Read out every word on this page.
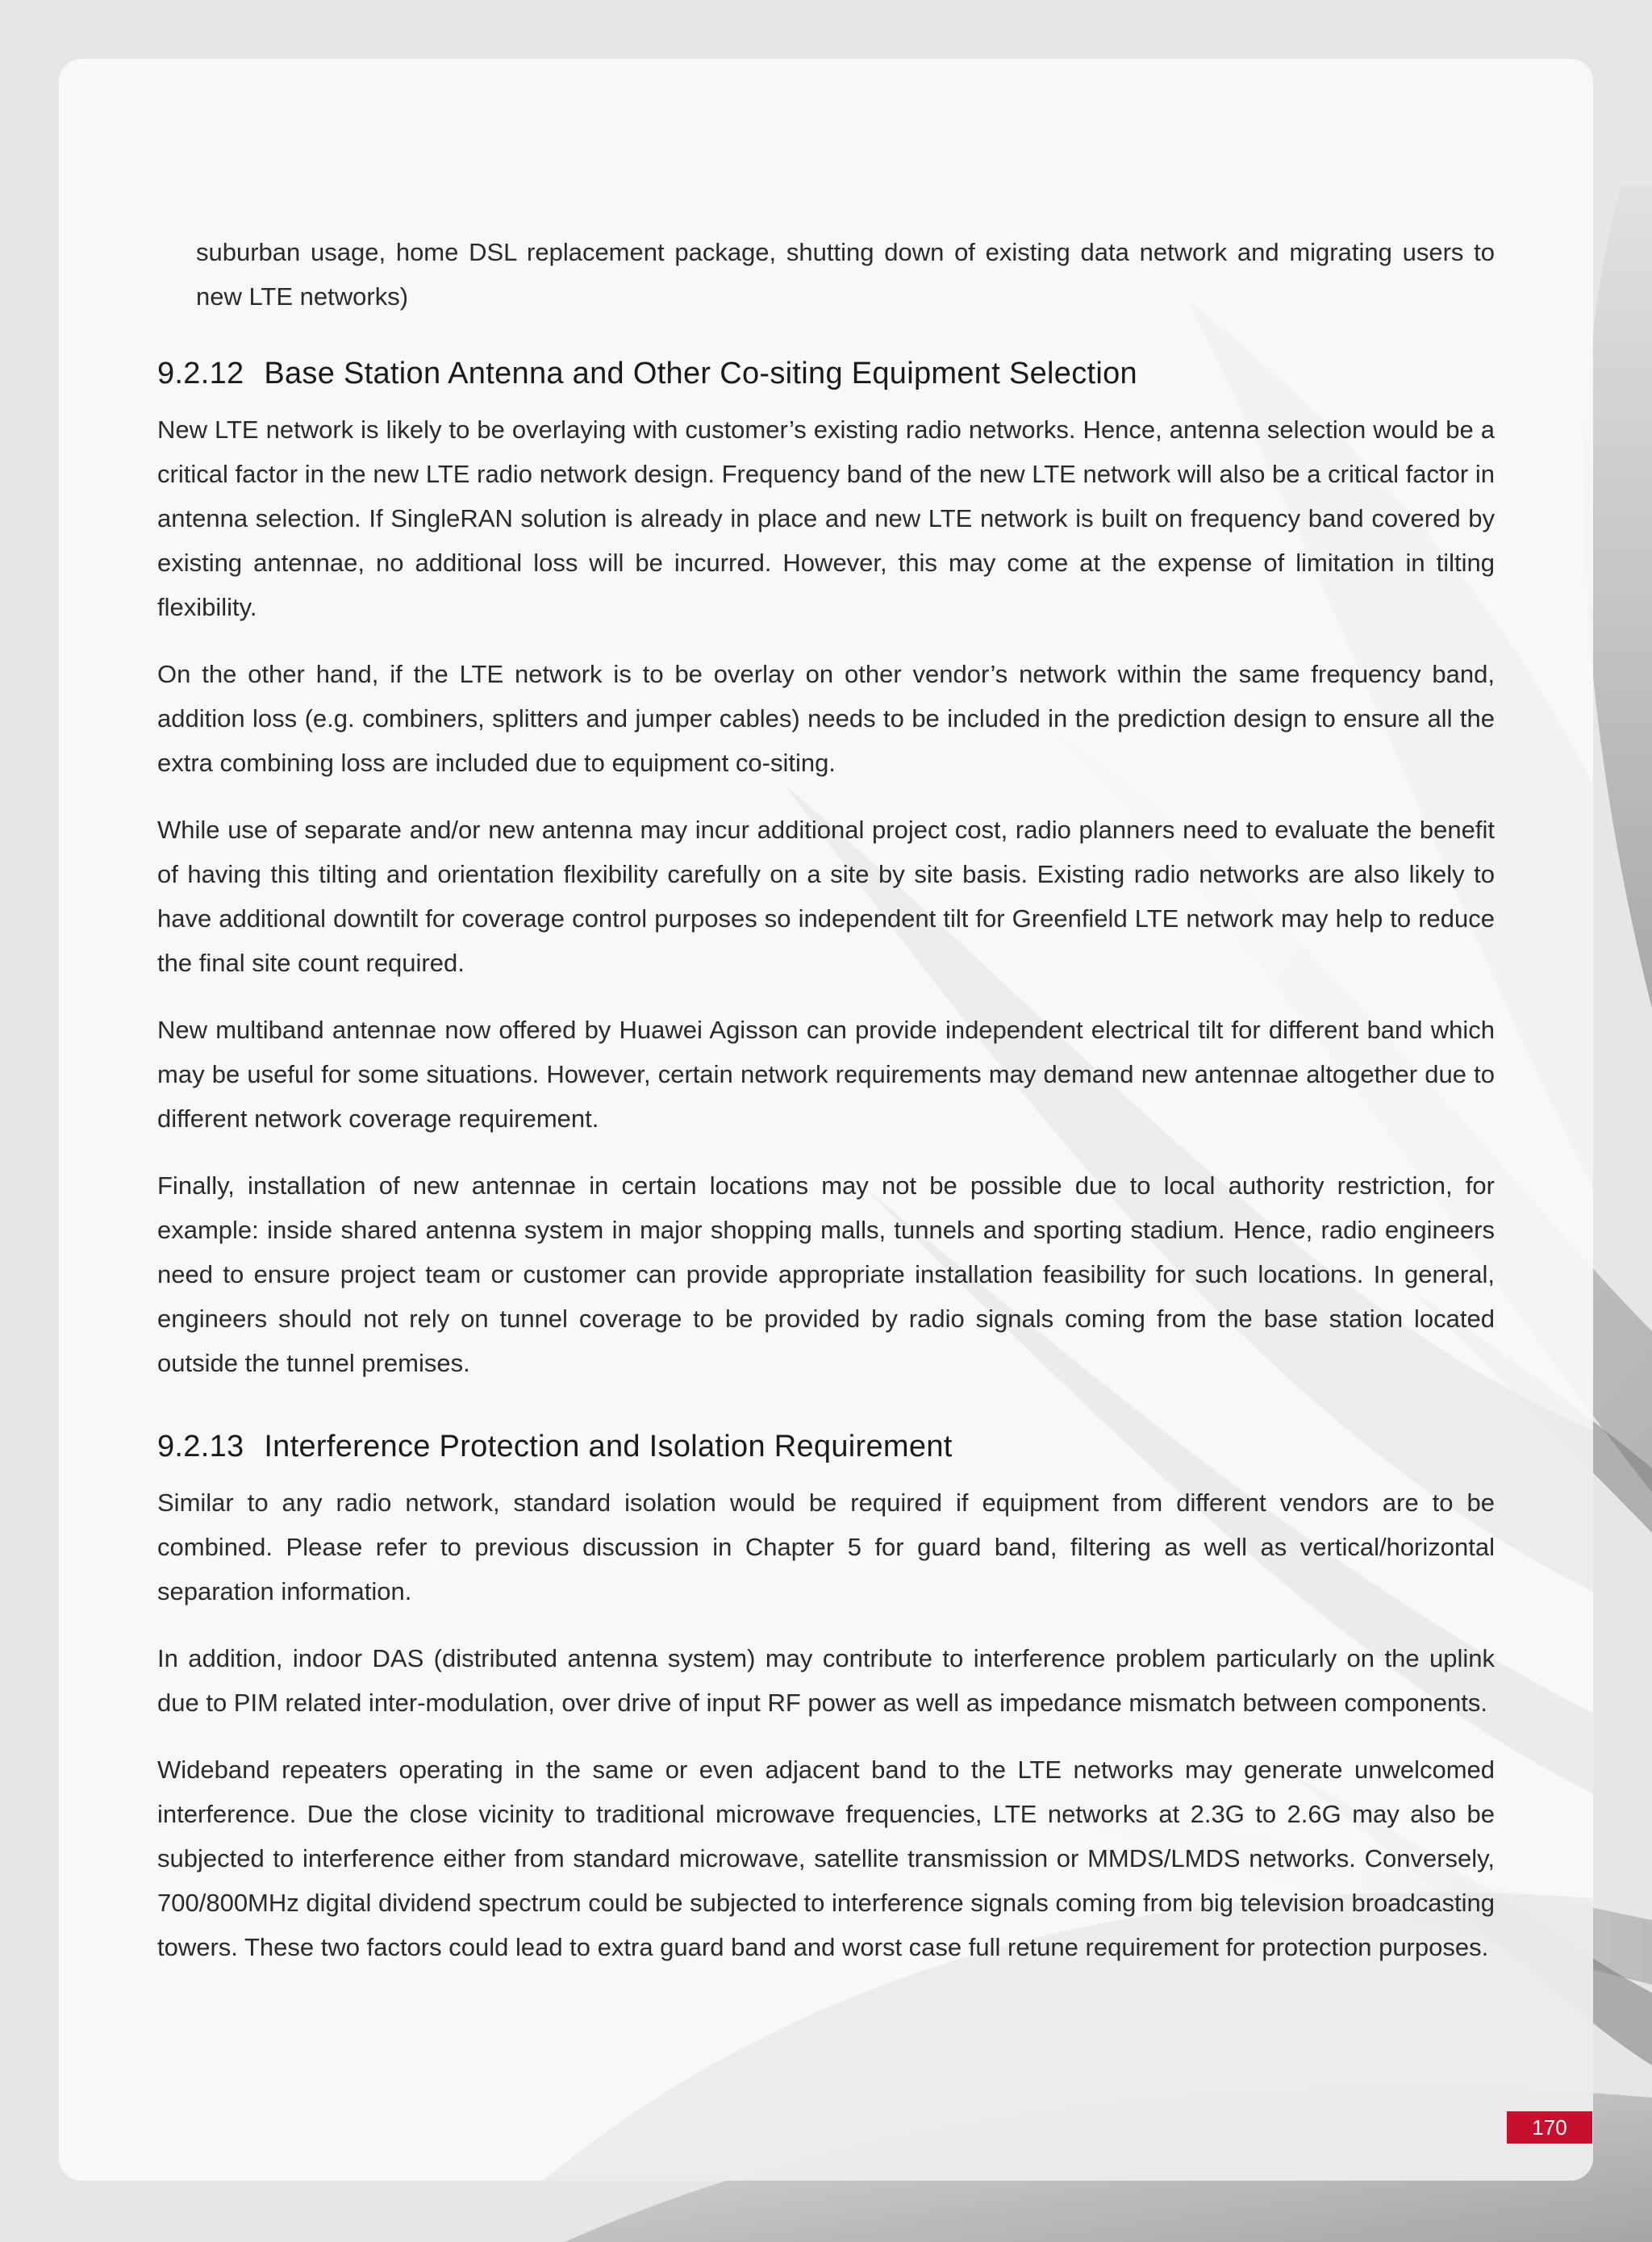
suburban usage, home DSL replacement package, shutting down of existing data network and migrating users to new LTE networks)

9.2.12 Base Station Antenna and Other Co-siting Equipment Selection

New LTE network is likely to be overlaying with customer’s existing radio networks. Hence, antenna selection would be a critical factor in the new LTE radio network design. Frequency band of the new LTE network will also be a critical factor in antenna selection. If SingleRAN solution is already in place and new LTE network is built on frequency band covered by existing antennae, no additional loss will be incurred. However, this may come at the expense of limitation in tilting flexibility.

On the other hand, if the LTE network is to be overlay on other vendor’s network within the same frequency band, addition loss (e.g. combiners, splitters and jumper cables) needs to be included in the prediction design to ensure all the extra combining loss are included due to equipment co-siting.

While use of separate and/or new antenna may incur additional project cost, radio planners need to evaluate the benefit of having this tilting and orientation flexibility carefully on a site by site basis. Existing radio networks are also likely to have additional downtilt for coverage control purposes so independent tilt for Greenfield LTE network may help to reduce the final site count required.

New multiband antennae now offered by Huawei Agisson can provide independent electrical tilt for different band which may be useful for some situations. However, certain network requirements may demand new antennae altogether due to different network coverage requirement.

Finally, installation of new antennae in certain locations may not be possible due to local authority restriction, for example: inside shared antenna system in major shopping malls, tunnels and sporting stadium. Hence, radio engineers need to ensure project team or customer can provide appropriate installation feasibility for such locations. In general, engineers should not rely on tunnel coverage to be provided by radio signals coming from the base station located outside the tunnel premises.

9.2.13 Interference Protection and Isolation Requirement

Similar to any radio network, standard isolation would be required if equipment from different vendors are to be combined. Please refer to previous discussion in Chapter 5 for guard band, filtering as well as vertical/horizontal separation information.

In addition, indoor DAS (distributed antenna system) may contribute to interference problem particularly on the uplink due to PIM related inter-modulation, over drive of input RF power as well as impedance mismatch between components.

Wideband repeaters operating in the same or even adjacent band to the LTE networks may generate unwelcomed interference. Due the close vicinity to traditional microwave frequencies, LTE networks at 2.3G to 2.6G may also be subjected to interference either from standard microwave, satellite transmission or MMDS/LMDS networks. Conversely, 700/800MHz digital dividend spectrum could be subjected to interference signals coming from big television broadcasting towers. These two factors could lead to extra guard band and worst case full retune requirement for protection purposes.

170
